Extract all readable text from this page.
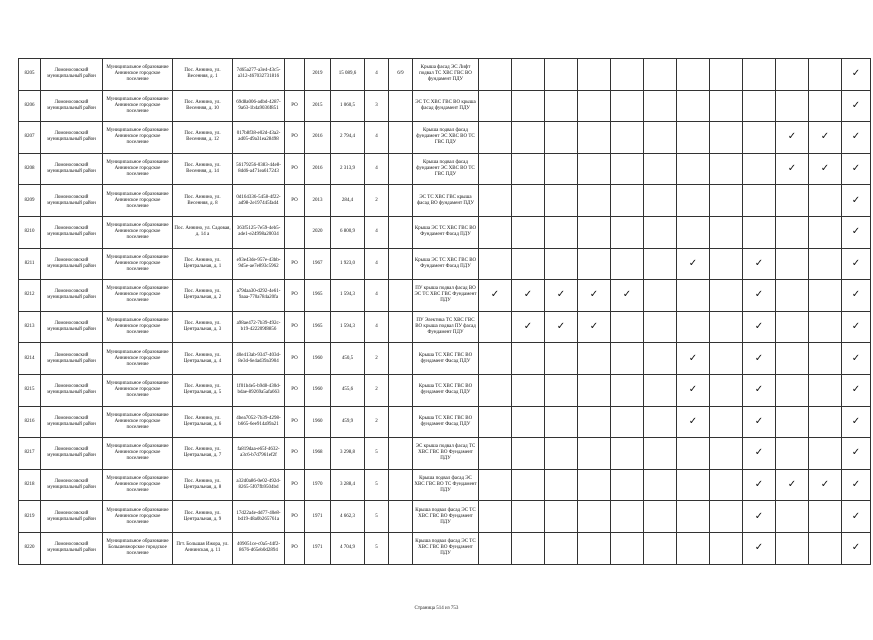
8205	Ломоносовский муниципальный район	Муниципальное образование Аннинское городское поселение	Пос. Аннино, ул. Весенняя, д. 1	7d65a277-a3e4-43c5-a312-467032731816		2019	15 089,6	4	6/9	Крыша фасад ЭС Лифт подвал ТС ХВС ГВС ВО фундамент ПДУ												✓
8206	Ломоносовский муниципальный район	Муниципальное образование Аннинское городское поселение	Пос. Аннино, ул. Весенняя, д. 10	69d8a006-adbd-4287-9a63-1b4a9036f851	РО	2015	1 060,5	3		ЭС ТС ХВС ГВС ВО крыша фасад фундамент ПДУ												✓
8207	Ломоносовский муниципальный район	Муниципальное образование Аннинское городское поселение	Пос. Аннино, ул. Весенняя, д. 12	017b8f38-e02d-43a2-ad05-d9a31ea28498	РО	2016	2 794,4	4		Крыша подвал фасад фундамент ЭС ХВС ВО ТС ГВС ПДУ										✓	✓	✓
8208	Ломоносовский муниципальный район	Муниципальное образование Аннинское городское поселение	Пос. Аннино, ул. Весенняя, д. 14	56179256-0383-44e8-8dd6-a471ea617243	РО	2016	2 313,9	4		Крыша подвал фасад фундамент ЭС ХВС ВО ТС ГВС ПДУ										✓	✓	✓
8209	Ломоносовский муниципальный район	Муниципальное образование Аннинское городское поселение	Пос. Аннино, ул. Весенняя, д. 8	0d164336-5458-4f22-ad98-2e197445fad4	РО	2013	284,4	2		ЭС ТС ХВС ГВС крыша фасад ВО фундамент ПДУ												✓
8210	Ломоносовский муниципальный район	Муниципальное образование Аннинское городское поселение	Пос. Аннино, ул. Садовая, д. 14 а	363f5125-7e59-4eb5-ade1-e24998a20034		2020	6 800,9	4		Крыша ЭС ТС ХВС ГВС ВО Фундамент Фасад ПДУ												✓
8211	Ломоносовский муниципальный район	Муниципальное образование Аннинское городское поселение	Пос. Аннино, ул. Центральная, д. 1	e93e43de-957e-43bb-9d5e-ae7e893c5962	РО	1967	1 923,0	4		Крыша ЭС ТС ХВС ГВС ВО Фундамент Фасад ПДУ							✓		✓			✓
8212	Ломоносовский муниципальный район	Муниципальное образование Аннинское городское поселение	Пос. Аннино, ул. Центральная, д. 2	a79daa30-d292-4e61-9aaa-770a784a20fa	РО	1965	1 594,3	4		ПУ крыша подвал фасад ВО ЭС ТС ХВС ГВС Фундамент ПДУ	✓	✓	✓	✓	✓				✓			✓
8213	Ломоносовский муниципальный район	Муниципальное образование Аннинское городское поселение	Пос. Аннино, ул. Центральная, д. 3	a98ae472-7b39-492c-b19-422209f8856	РО	1965	1 594,3	4		ПУ Электика ТС ХВС ГВС ВО крыша подвал ПУ фасад Фундамент ПДУ		✓	✓	✓					✓			✓
8214	Ломоносовский муниципальный район	Муниципальное образование Аннинское городское поселение	Пос. Аннино, ул. Центральная, д. 4	40e413ab-9347-403d-8e3d-6e4ad39a3904	РО	1960	450,5	2		Крыша ТС ХВС ГВС ВО фундамент Фасад ПДУ							✓		✓			✓
8215	Ломоносовский муниципальный район	Муниципальное образование Аннинское городское поселение	Пос. Аннино, ул. Центральная, д. 5	1f01b4e5-b9d8-430d-bdae-89269a5afa663	РО	1960	455,6	2		Крыша ТС ХВС ГВС ВО фундамент Фасад ПДУ							✓		✓			✓
8216	Ломоносовский муниципальный район	Муниципальное образование Аннинское городское поселение	Пос. Аннино, ул. Центральная, д. 6	4bea7052-7b39-4298-b665-6ee914a99a21	РО	1960	459,9	2		Крыша ТС ХВС ГВС ВО фундамент Фасад ПДУ							✓		✓			✓
8217	Ломоносовский муниципальный район	Муниципальное образование Аннинское городское поселение	Пос. Аннино, ул. Центральная, д. 7	fa819daa-e65f-4632-a3c6-b7d7961ef2f	РО	1968	3 298,8	5		ЭС крыша подвал фасад ТС ХВС ГВС ВО Фундамент ПДУ									✓			✓
8218	Ломоносовский муниципальный район	Муниципальное образование Аннинское городское поселение	Пос. Аннино, ул. Центральная, д. 8	a32d0a86-0e02-492d-8265-5f07fb9504bd	РО	1970	3 288,4	5		Крыша подвал фасад ЭС ХВС ГВС ВО ТС Фундамент ПДУ									✓	✓	✓	✓
8219	Ломоносовский муниципальный район	Муниципальное образование Аннинское городское поселение	Пос. Аннино, ул. Центральная, д. 9	17d22a4e-dd77-40e8-bd19-48a0b265761a	РО	1971	4 662,3	5		Крыша подвал фасад ЭС ТС ХВС ГВС ВО Фундамент ПДУ									✓			✓
8220	Ломоносовский муниципальный район	Муниципальное образование Большеижорское городское поселение	Пгт. Большая Ижора, ул. Аннинская, д. 11	409051ce-c0a5-44f2-8676-d65eb0d2894	РО	1971	4 704,9	5		Крыша подвал фасад ЭС ТС ХВС ГВС ВО Фундамент ПДУ									✓			✓
Страница 514 из 753
